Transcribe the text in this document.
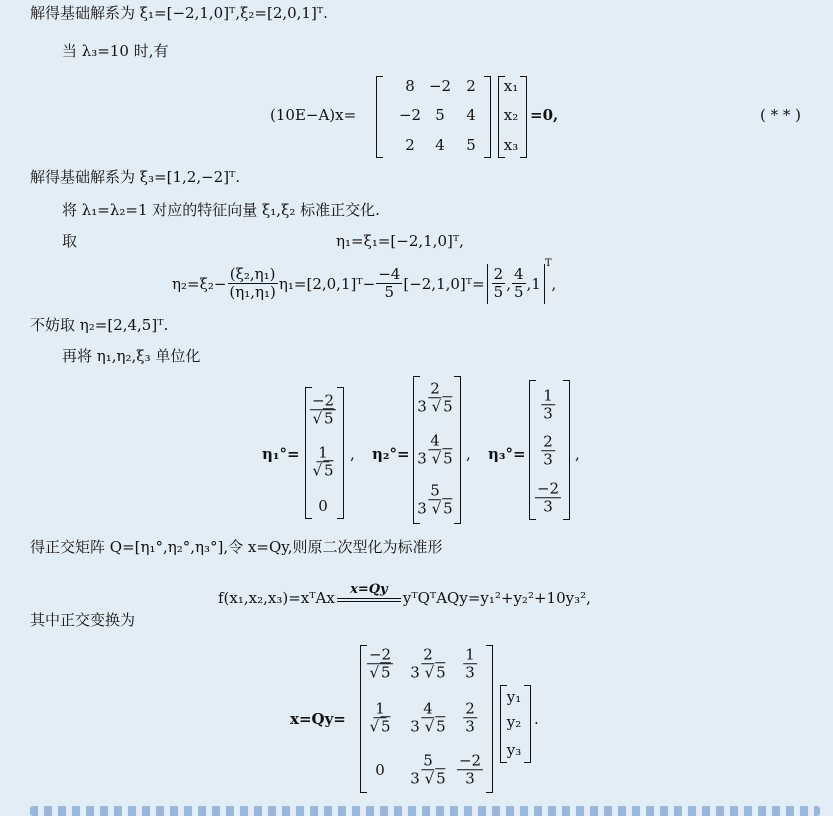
解得基础解系为 ξ₁=[−2,1,0]ᵀ,ξ₂=[2,0,1]ᵀ.
当 λ₃=10 时,有
(10E−A)x=
8 −2 2
−2 5 4
2 4 5
x₁
x₂
x₃
=0,	( * * )
解得基础解系为 ξ₃=[1,2,−2]ᵀ.
将 λ₁=λ₂=1 对应的特征向量 ξ₁,ξ₂ 标准正交化.
取	η₁=ξ₁=[−2,1,0]ᵀ,
$\eta_2=\xi_2- \frac{\text{(ξ₂,η₁)}}{\text{(η₁,η₁)}}$ η₁=[2,0,1]ᵀ− $\frac{-4}{5}$ [−2,1,0]ᵀ= $\frac{2}{5}$ , $\frac{4}{5} ,1$
T
,
不妨取 η₂=[2,4,5]ᵀ.
再将 η₁,η₂,ξ₃ 单位化
η₁°=
$\frac{-2}{√ 5}$
$\frac{1}{√ 5}$
0
, η₂°=
$\frac{2}{3 √ 5}$
$\frac{4}{3 √ 5}$
$\frac{5}{3 √ 5}$
, η₃°=
$\frac{1}{3}$
$\frac{2}{3}$
$\frac{-2}{3}$
,
得正交矩阵 Q=[η₁°,η₂°,η₃°],令 x=Qy,则原二次型化为标准形
f(x₁,x₂,x₃)=xᵀAx x=Qy yᵀQᵀAQy=y₁²+y₂²+10y₃²,
其中正交变换为
x=Qy=
$\frac{-2}{√ 5} \frac{2}{3 √ 5} \frac{1}{3}$
$\frac{1}{√ 5} \frac{4}{3 √ 5} \frac{2}{3}$
$0 \frac{5}{3 √ 5} \frac{-2}{3}$
y₁
y₂
y₃
.
